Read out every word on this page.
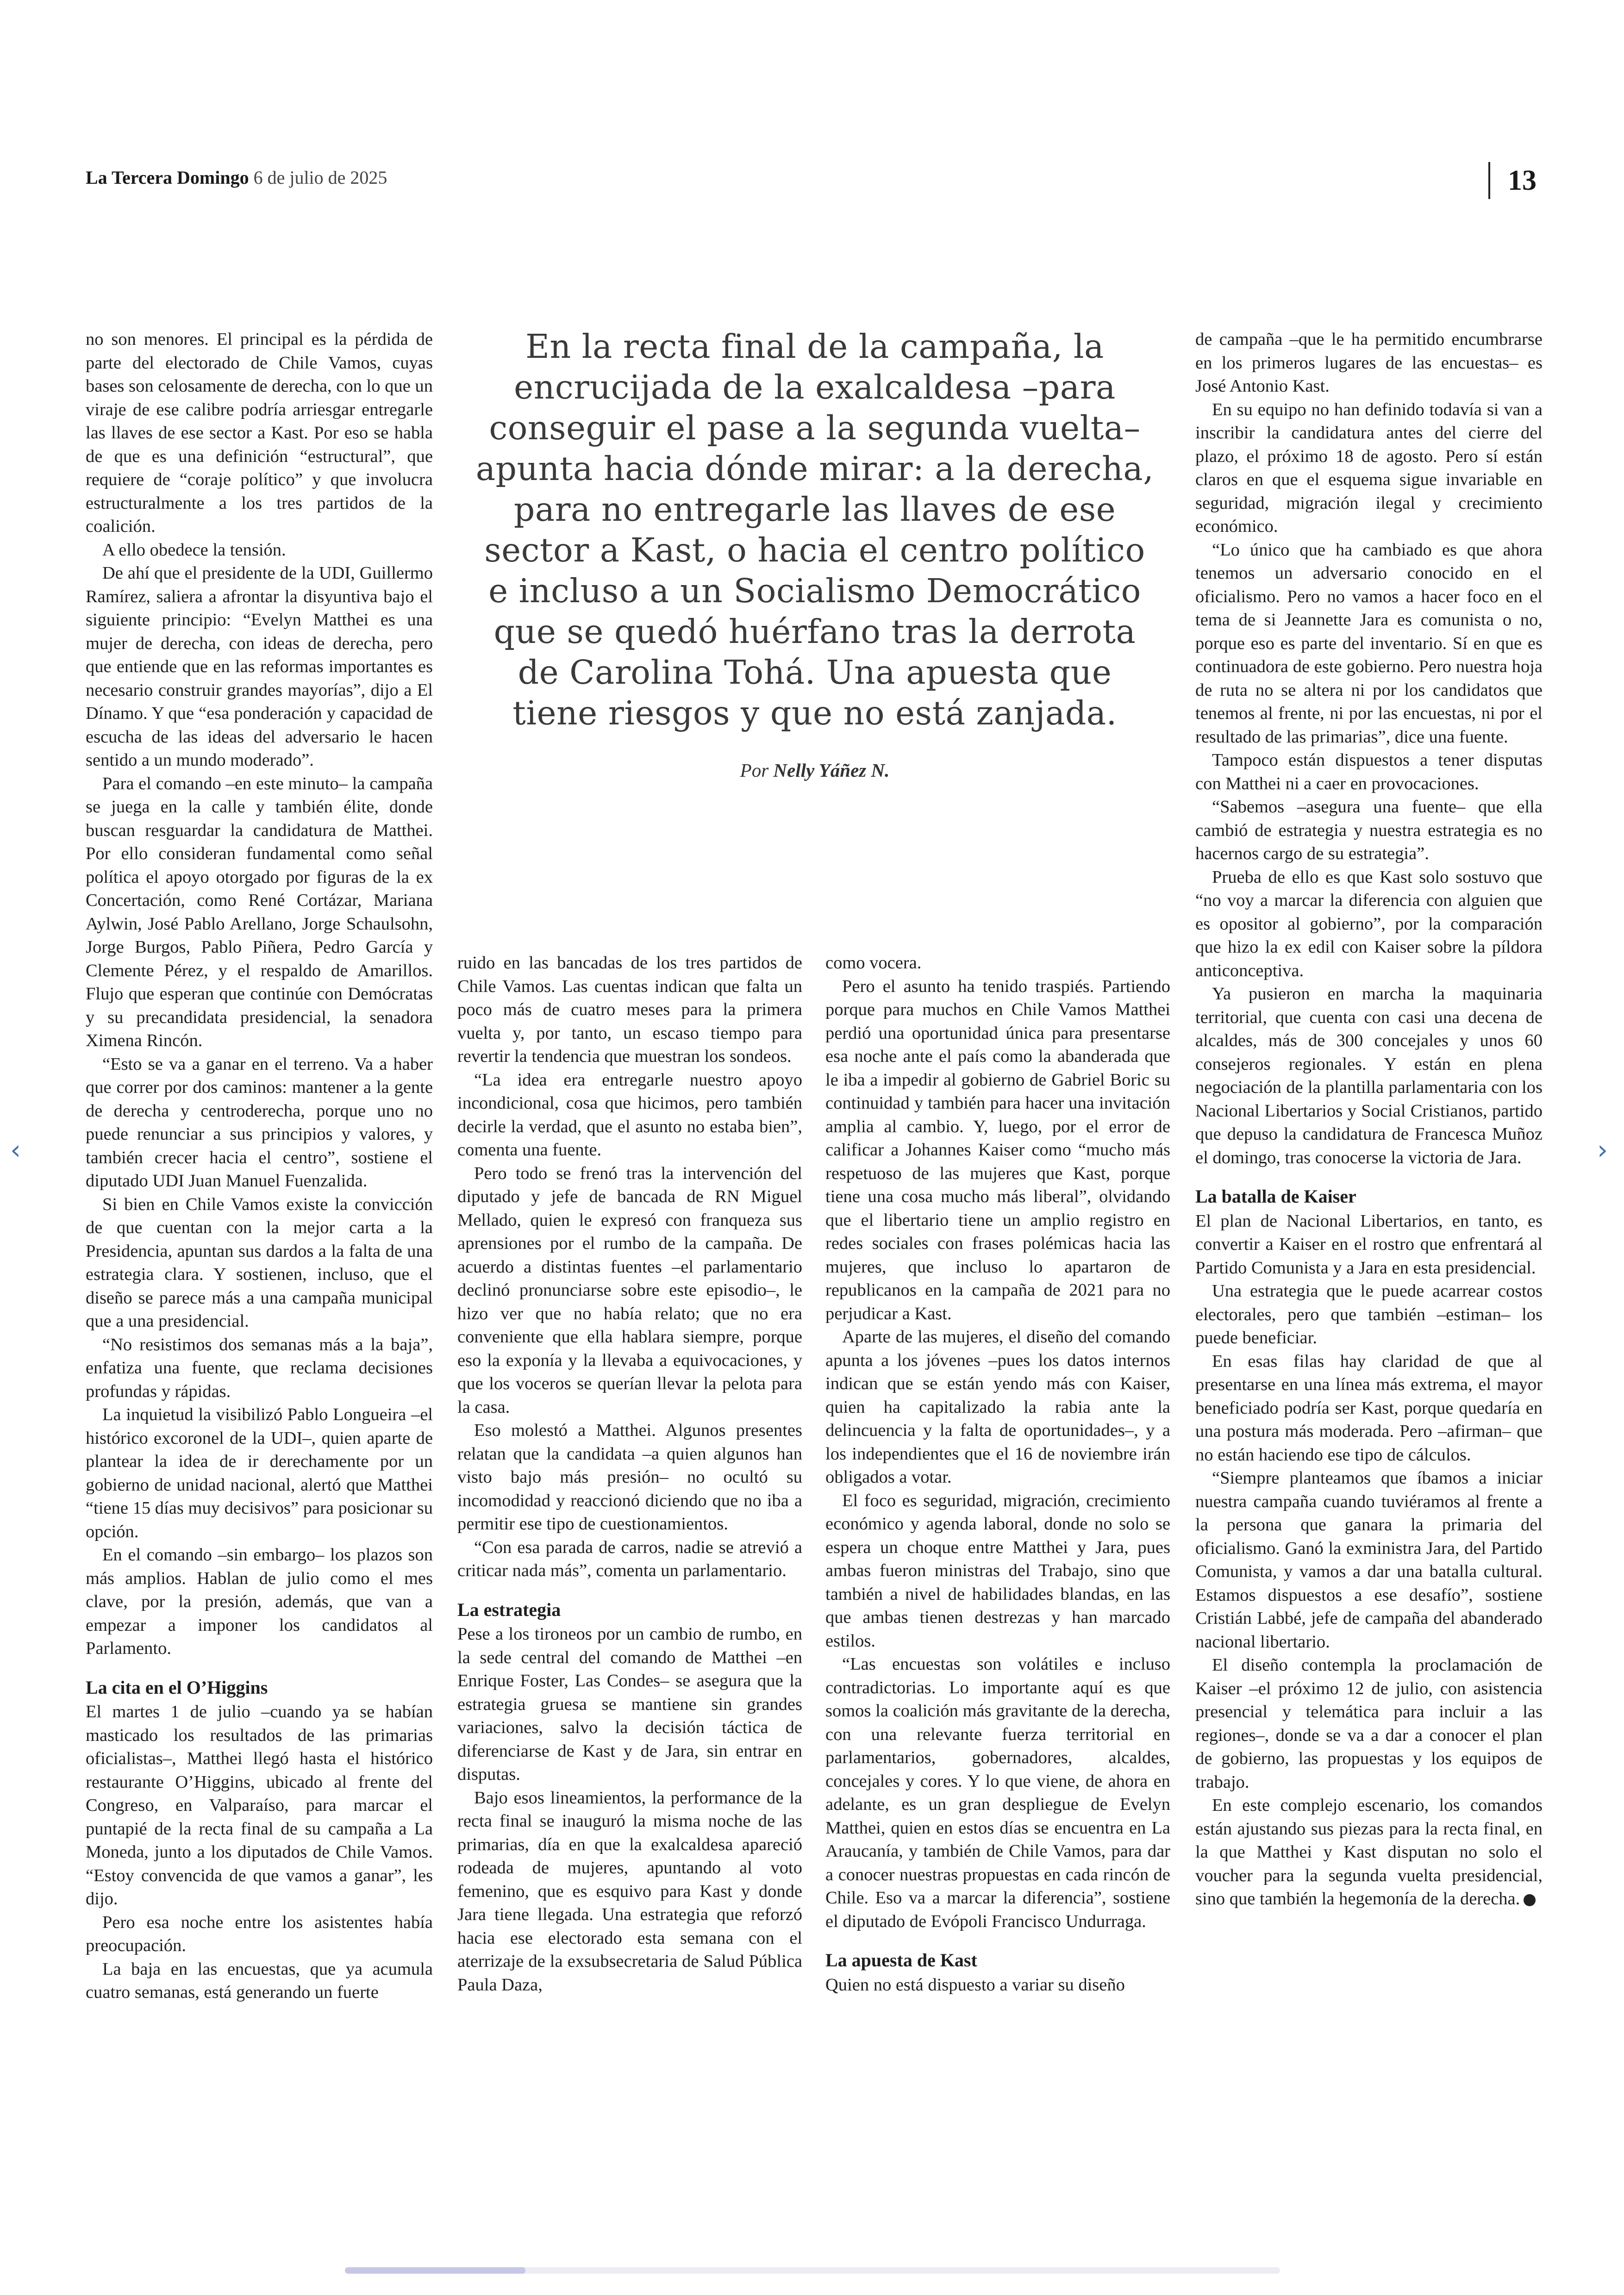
La Tercera Domingo 6 de julio de 2025	13
En la recta final de la campaña, la encrucijada de la exalcaldesa –para conseguir el pase a la segunda vuelta– apunta hacia dónde mirar: a la derecha, para no entregarle las llaves de ese sector a Kast, o hacia el centro político e incluso a un Socialismo Democrático que se quedó huérfano tras la derrota de Carolina Tohá. Una apuesta que tiene riesgos y que no está zanjada.
Por Nelly Yáñez N.

no son menores. El principal es la pérdida de parte del electorado de Chile Vamos, cuyas bases son celosamente de derecha, con lo que un viraje de ese calibre podría arriesgar entregarle las llaves de ese sector a Kast. Por eso se habla de que es una definición “estructural”, que requiere de “coraje político” y que involucra estructuralmente a los tres partidos de la coalición.

A ello obedece la tensión.

De ahí que el presidente de la UDI, Guillermo Ramírez, saliera a afrontar la disyuntiva bajo el siguiente principio: “Evelyn Matthei es una mujer de derecha, con ideas de derecha, pero que entiende que en las reformas importantes es necesario construir grandes mayorías”, dijo a El Dínamo. Y que “esa ponderación y capacidad de escucha de las ideas del adversario le hacen sentido a un mundo moderado”.

Para el comando –en este minuto– la campaña se juega en la calle y también élite, donde buscan resguardar la candidatura de Matthei. Por ello consideran fundamental como señal política el apoyo otorgado por figuras de la ex Concertación, como René Cortázar, Mariana Aylwin, José Pablo Arellano, Jorge Schaulsohn, Jorge Burgos, Pablo Piñera, Pedro García y Clemente Pérez, y el respaldo de Amarillos. Flujo que esperan que continúe con Demócratas y su precandidata presidencial, la senadora Ximena Rincón.

“Esto se va a ganar en el terreno. Va a haber que correr por dos caminos: mantener a la gente de derecha y centroderecha, porque uno no puede renunciar a sus principios y valores, y también crecer hacia el centro”, sostiene el diputado UDI Juan Manuel Fuenzalida.

Si bien en Chile Vamos existe la convicción de que cuentan con la mejor carta a la Presidencia, apuntan sus dardos a la falta de una estrategia clara. Y sostienen, incluso, que el diseño se parece más a una campaña municipal que a una presidencial.

“No resistimos dos semanas más a la baja”, enfatiza una fuente, que reclama decisiones profundas y rápidas.

La inquietud la visibilizó Pablo Longueira –el histórico excoronel de la UDI–, quien aparte de plantear la idea de ir derechamente por un gobierno de unidad nacional, alertó que Matthei “tiene 15 días muy decisivos” para posicionar su opción.

En el comando –sin embargo– los plazos son más amplios. Hablan de julio como el mes clave, por la presión, además, que van a empezar a imponer los candidatos al Parlamento.

La cita en el O’Higgins

El martes 1 de julio –cuando ya se habían masticado los resultados de las primarias oficialistas–, Matthei llegó hasta el histórico restaurante O’Higgins, ubicado al frente del Congreso, en Valparaíso, para marcar el puntapié de la recta final de su campaña a La Moneda, junto a los diputados de Chile Vamos. “Estoy convencida de que vamos a ganar”, les dijo.

Pero esa noche entre los asistentes había preocupación.

La baja en las encuestas, que ya acumula cuatro semanas, está generando un fuerte

ruido en las bancadas de los tres partidos de Chile Vamos. Las cuentas indican que falta un poco más de cuatro meses para la primera vuelta y, por tanto, un escaso tiempo para revertir la tendencia que muestran los sondeos.

“La idea era entregarle nuestro apoyo incondicional, cosa que hicimos, pero también decirle la verdad, que el asunto no estaba bien”, comenta una fuente.

Pero todo se frenó tras la intervención del diputado y jefe de bancada de RN Miguel Mellado, quien le expresó con franqueza sus aprensiones por el rumbo de la campaña. De acuerdo a distintas fuentes –el parlamentario declinó pronunciarse sobre este episodio–, le hizo ver que no había relato; que no era conveniente que ella hablara siempre, porque eso la exponía y la llevaba a equivocaciones, y que los voceros se querían llevar la pelota para la casa.

Eso molestó a Matthei. Algunos presentes relatan que la candidata –a quien algunos han visto bajo más presión– no ocultó su incomodidad y reaccionó diciendo que no iba a permitir ese tipo de cuestionamientos.

“Con esa parada de carros, nadie se atrevió a criticar nada más”, comenta un parlamentario.

La estrategia

Pese a los tironeos por un cambio de rumbo, en la sede central del comando de Matthei –en Enrique Foster, Las Condes– se asegura que la estrategia gruesa se mantiene sin grandes variaciones, salvo la decisión táctica de diferenciarse de Kast y de Jara, sin entrar en disputas.

Bajo esos lineamientos, la performance de la recta final se inauguró la misma noche de las primarias, día en que la exalcaldesa apareció rodeada de mujeres, apuntando al voto femenino, que es esquivo para Kast y donde Jara tiene llegada. Una estrategia que reforzó hacia ese electorado esta semana con el aterrizaje de la exsubsecretaria de Salud Pública Paula Daza,

como vocera.

Pero el asunto ha tenido traspiés. Partiendo porque para muchos en Chile Vamos Matthei perdió una oportunidad única para presentarse esa noche ante el país como la abanderada que le iba a impedir al gobierno de Gabriel Boric su continuidad y también para hacer una invitación amplia al cambio. Y, luego, por el error de calificar a Johannes Kaiser como “mucho más respetuoso de las mujeres que Kast, porque tiene una cosa mucho más liberal”, olvidando que el libertario tiene un amplio registro en redes sociales con frases polémicas hacia las mujeres, que incluso lo apartaron de republicanos en la campaña de 2021 para no perjudicar a Kast.

Aparte de las mujeres, el diseño del comando apunta a los jóvenes –pues los datos internos indican que se están yendo más con Kaiser, quien ha capitalizado la rabia ante la delincuencia y la falta de oportunidades–, y a los independientes que el 16 de noviembre irán obligados a votar.

El foco es seguridad, migración, crecimiento económico y agenda laboral, donde no solo se espera un choque entre Matthei y Jara, pues ambas fueron ministras del Trabajo, sino que también a nivel de habilidades blandas, en las que ambas tienen destrezas y han marcado estilos.

“Las encuestas son volátiles e incluso contradictorias. Lo importante aquí es que somos la coalición más gravitante de la derecha, con una relevante fuerza territorial en parlamentarios, gobernadores, alcaldes, concejales y cores. Y lo que viene, de ahora en adelante, es un gran despliegue de Evelyn Matthei, quien en estos días se encuentra en La Araucanía, y también de Chile Vamos, para dar a conocer nuestras propuestas en cada rincón de Chile. Eso va a marcar la diferencia”, sostiene el diputado de Evópoli Francisco Undurraga.

La apuesta de Kast

Quien no está dispuesto a variar su diseño

de campaña –que le ha permitido encumbrarse en los primeros lugares de las encuestas– es José Antonio Kast.

En su equipo no han definido todavía si van a inscribir la candidatura antes del cierre del plazo, el próximo 18 de agosto. Pero sí están claros en que el esquema sigue invariable en seguridad, migración ilegal y crecimiento económico.

“Lo único que ha cambiado es que ahora tenemos un adversario conocido en el oficialismo. Pero no vamos a hacer foco en el tema de si Jeannette Jara es comunista o no, porque eso es parte del inventario. Sí en que es continuadora de este gobierno. Pero nuestra hoja de ruta no se altera ni por los candidatos que tenemos al frente, ni por las encuestas, ni por el resultado de las primarias”, dice una fuente.

Tampoco están dispuestos a tener disputas con Matthei ni a caer en provocaciones.

“Sabemos –asegura una fuente– que ella cambió de estrategia y nuestra estrategia es no hacernos cargo de su estrategia”.

Prueba de ello es que Kast solo sostuvo que “no voy a marcar la diferencia con alguien que es opositor al gobierno”, por la comparación que hizo la ex edil con Kaiser sobre la píldora anticonceptiva.

Ya pusieron en marcha la maquinaria territorial, que cuenta con casi una decena de alcaldes, más de 300 concejales y unos 60 consejeros regionales. Y están en plena negociación de la plantilla parlamentaria con los Nacional Libertarios y Social Cristianos, partido que depuso la candidatura de Francesca Muñoz el domingo, tras conocerse la victoria de Jara.

La batalla de Kaiser

El plan de Nacional Libertarios, en tanto, es convertir a Kaiser en el rostro que enfrentará al Partido Comunista y a Jara en esta presidencial.

Una estrategia que le puede acarrear costos electorales, pero que también –estiman– los puede beneficiar.

En esas filas hay claridad de que al presentarse en una línea más extrema, el mayor beneficiado podría ser Kast, porque quedaría en una postura más moderada. Pero –afirman– que no están haciendo ese tipo de cálculos.

“Siempre planteamos que íbamos a iniciar nuestra campaña cuando tuviéramos al frente a la persona que ganara la primaria del oficialismo. Ganó la exministra Jara, del Partido Comunista, y vamos a dar una batalla cultural. Estamos dispuestos a ese desafío”, sostiene Cristián Labbé, jefe de campaña del abanderado nacional libertario.

El diseño contempla la proclamación de Kaiser –el próximo 12 de julio, con asistencia presencial y telemática para incluir a las regiones–, donde se va a dar a conocer el plan de gobierno, las propuestas y los equipos de trabajo.

En este complejo escenario, los comandos están ajustando sus piezas para la recta final, en la que Matthei y Kast disputan no solo el voucher para la segunda vuelta presidencial, sino que también la hegemonía de la derecha.

‹	›
